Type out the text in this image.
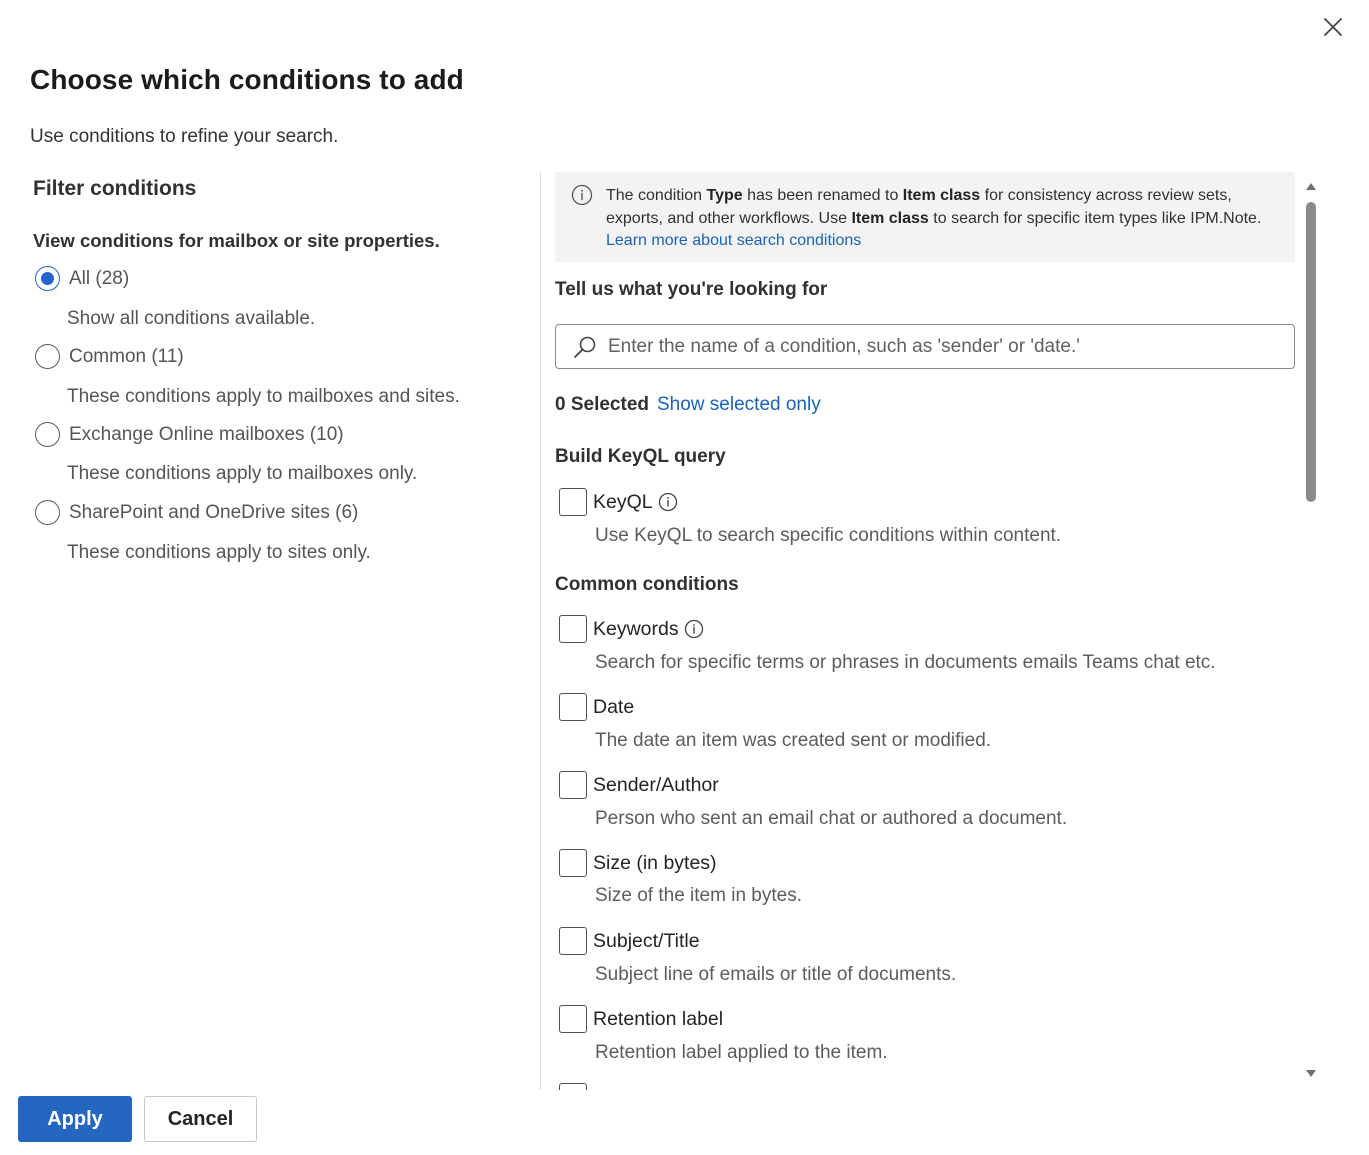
Choose which conditions to add

Use conditions to refine your search.

Filter conditions
View conditions for mailbox or site properties.
All (28)
Show all conditions available.
Common (11)
These conditions apply to mailboxes and sites.
Exchange Online mailboxes (10)
These conditions apply to mailboxes only.
SharePoint and OneDrive sites (6)
These conditions apply to sites only.
The condition Type has been renamed to Item class for consistency across review sets, exports, and other workflows. Use Item class to search for specific item types like IPM.Note. Learn more about search conditions
Tell us what you're looking for
Enter the name of a condition, such as 'sender' or 'date.'
0 Selected Show selected only
Build KeyQL query
KeyQL
Use KeyQL to search specific conditions within content.
Common conditions
Keywords
Search for specific terms or phrases in documents emails Teams chat etc.
Date
The date an item was created sent or modified.
Sender/Author
Person who sent an email chat or authored a document.
Size (in bytes)
Size of the item in bytes.
Subject/Title
Subject line of emails or title of documents.
Retention label
Retention label applied to the item.
Apply	Cancel
